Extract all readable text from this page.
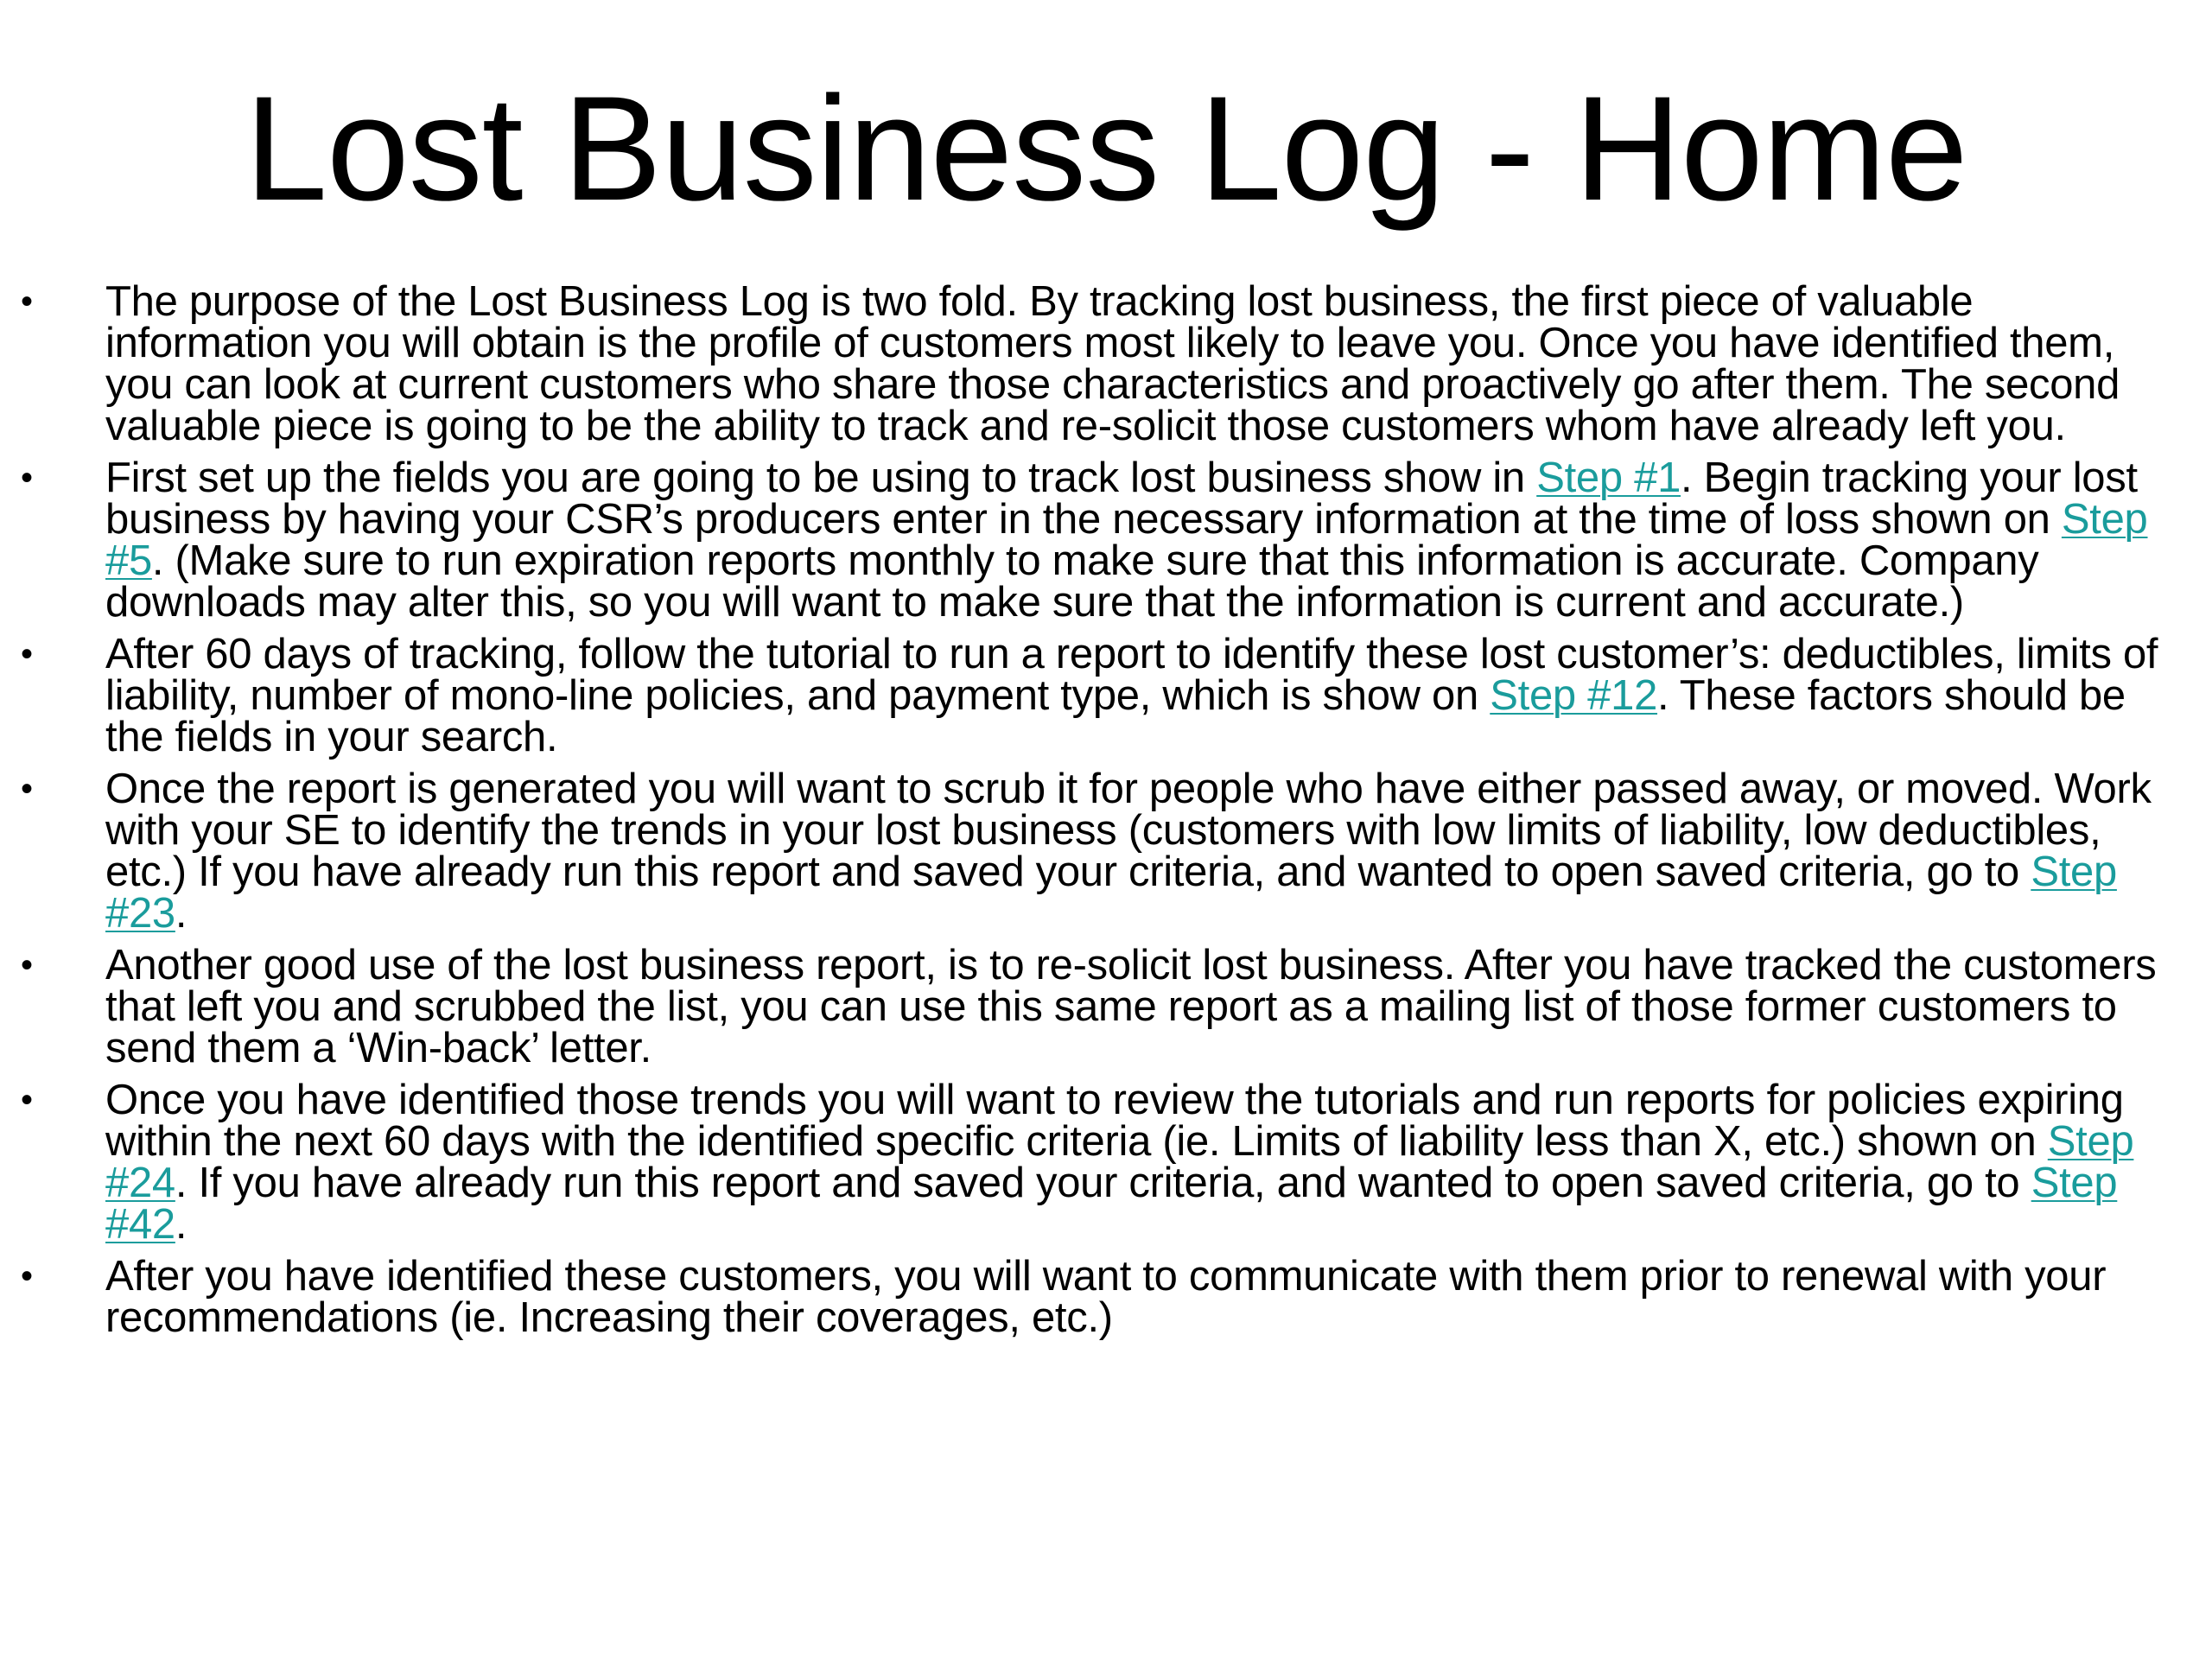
Lost Business Log - Home
• The purpose of the Lost Business Log is two fold. By tracking lost business, the first piece of valuable information you will obtain is the profile of customers most likely to leave you. Once you have identified them, you can look at current customers who share those characteristics and proactively go after them. The second valuable piece is going to be the ability to track and re-solicit those customers whom have already left you.
• First set up the fields you are going to be using to track lost business show in Step #1. Begin tracking your lost business by having your CSR’s producers enter in the necessary information at the time of loss shown on Step #5. (Make sure to run expiration reports monthly to make sure that this information is accurate. Company downloads may alter this, so you will want to make sure that the information is current and accurate.)
• After 60 days of tracking, follow the tutorial to run a report to identify these lost customer’s: deductibles, limits of liability, number of mono-line policies, and payment type, which is show on Step #12. These factors should be the fields in your search.
• Once the report is generated you will want to scrub it for people who have either passed away, or moved. Work with your SE to identify the trends in your lost business (customers with low limits of liability, low deductibles, etc.) If you have already run this report and saved your criteria, and wanted to open saved criteria, go to Step #23.
• Another good use of the lost business report, is to re-solicit lost business. After you have tracked the customers that left you and scrubbed the list, you can use this same report as a mailing list of those former customers to send them a ‘Win-back’ letter.
• Once you have identified those trends you will want to review the tutorials and run reports for policies expiring within the next 60 days with the identified specific criteria (ie. Limits of liability less than X, etc.) shown on Step #24. If you have already run this report and saved your criteria, and wanted to open saved criteria, go to Step #42.
• After you have identified these customers, you will want to communicate with them prior to renewal with your recommendations (ie. Increasing their coverages, etc.)
